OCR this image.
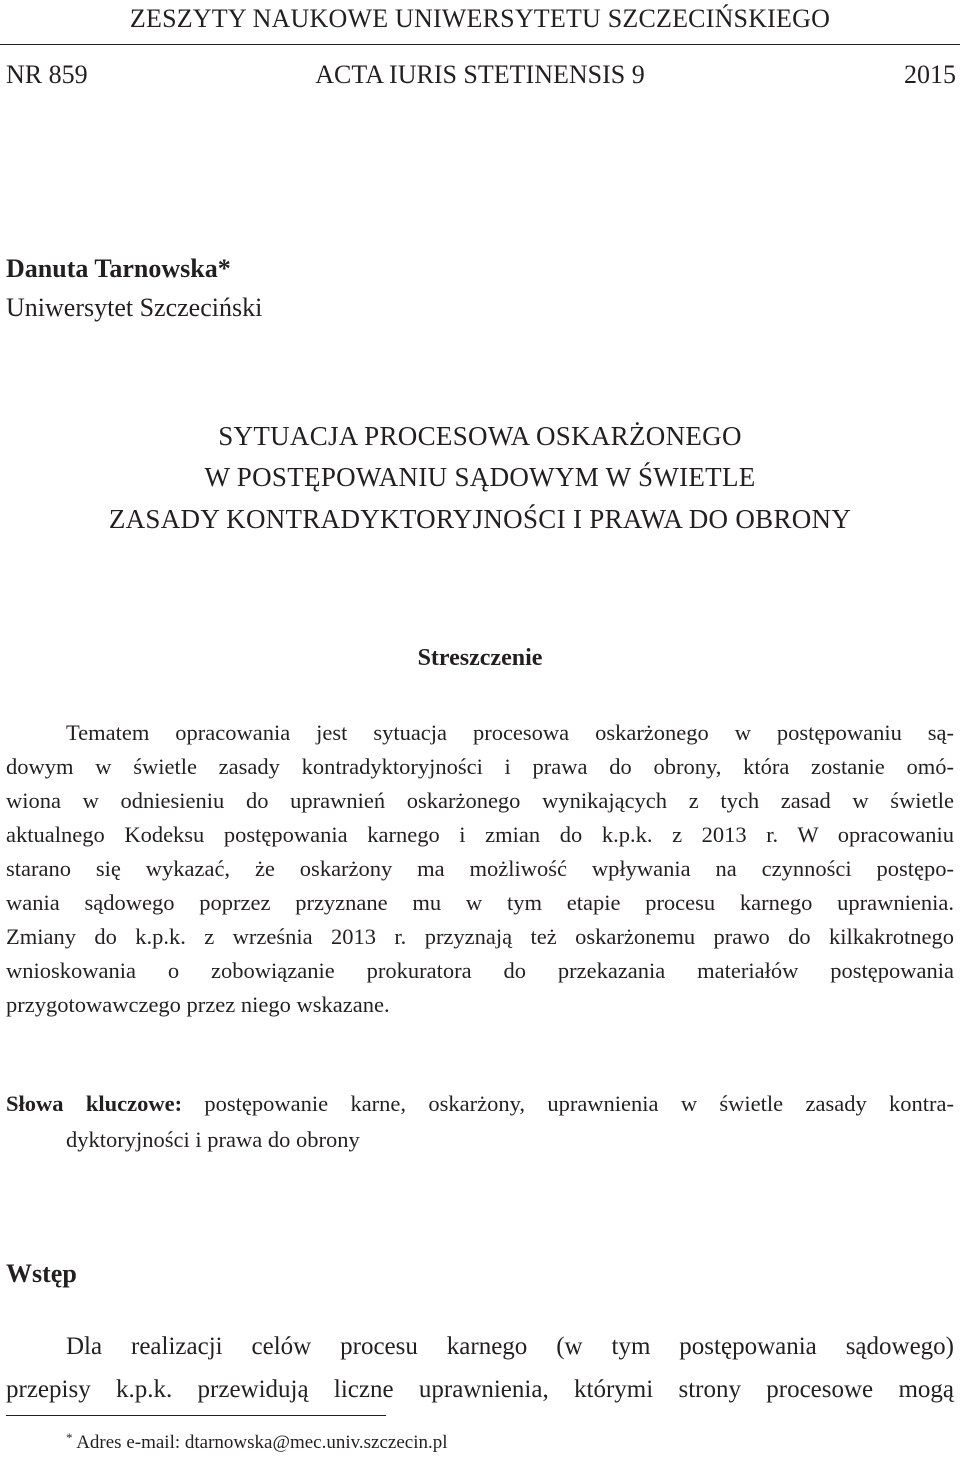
ZESZYTY NAUKOWE UNIWERSYTETU SZCZECIŃSKIEGO
NR 859	ACTA IURIS STETINENSIS 9	2015
Danuta Tarnowska*
Uniwersytet Szczeciński
SYTUACJA PROCESOWA OSKARŻONEGO
W POSTĘPOWANIU SĄDOWYM W ŚWIETLE
ZASADY KONTRADYKTORYJNOŚCI I PRAWA DO OBRONY
Streszczenie
Tematem opracowania jest sytuacja procesowa oskarżonego w postępowaniu są-
dowym w świetle zasady kontradyktoryjności i prawa do obrony, która zostanie omó-
wiona w odniesieniu do uprawnień oskarżonego wynikających z tych zasad w świetle
aktualnego Kodeksu postępowania karnego i zmian do k.p.k. z 2013 r. W opracowaniu
starano się wykazać, że oskarżony ma możliwość wpływania na czynności postępo-
wania sądowego poprzez przyznane mu w tym etapie procesu karnego uprawnienia.
Zmiany do k.p.k. z września 2013 r. przyznają też oskarżonemu prawo do kilkakrotnego
wnioskowania o zobowiązanie prokuratora do przekazania materiałów postępowania
przygotowawczego przez niego wskazane.
Słowa kluczowe: postępowanie karne, oskarżony, uprawnienia w świetle zasady kontra-
dyktoryjności i prawa do obrony
Wstęp
Dla realizacji celów procesu karnego (w tym postępowania sądowego)
przepisy k.p.k. przewidują liczne uprawnienia, którymi strony procesowe mogą
* Adres e-mail: dtarnowska@mec.univ.szczecin.pl
